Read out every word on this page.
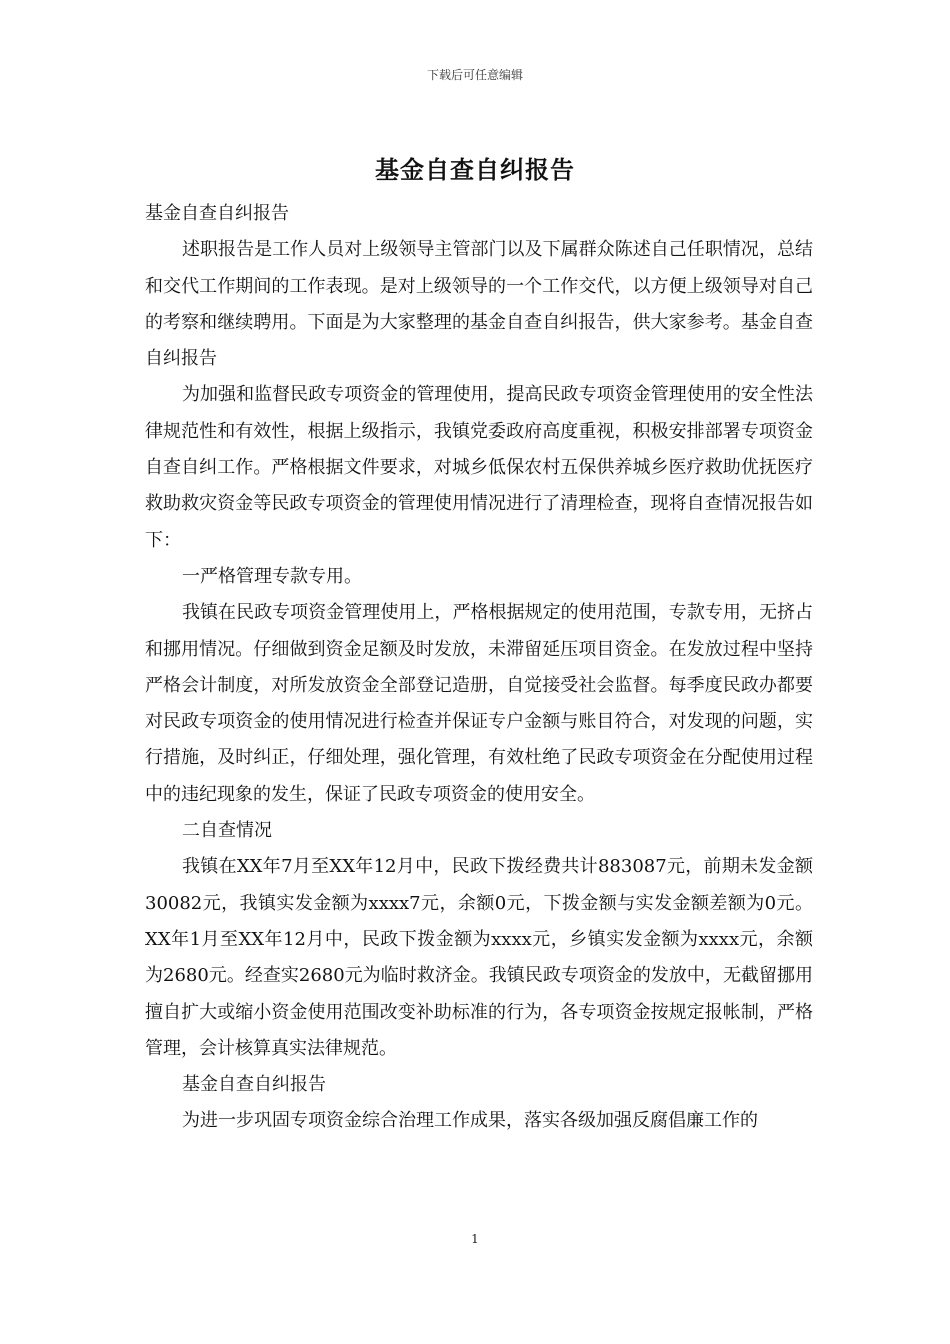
下载后可任意编辑
基金自查自纠报告

基金自查自纠报告

述职报告是工作人员对上级领导主管部门以及下属群众陈述自己任职情况，总结和交代工作期间的工作表现。是对上级领导的一个工作交代，以方便上级领导对自己的考察和继续聘用。下面是为大家整理的基金自查自纠报告，供大家参考。基金自查自纠报告

为加强和监督民政专项资金的管理使用，提高民政专项资金管理使用的安全性法律规范性和有效性，根据上级指示，我镇党委政府高度重视，积极安排部署专项资金自查自纠工作。严格根据文件要求，对城乡低保农村五保供养城乡医疗救助优抚医疗救助救灾资金等民政专项资金的管理使用情况进行了清理检查，现将自查情况报告如下：

一严格管理专款专用。

我镇在民政专项资金管理使用上，严格根据规定的使用范围，专款专用，无挤占和挪用情况。仔细做到资金足额及时发放，未滞留延压项目资金。在发放过程中坚持严格会计制度，对所发放资金全部登记造册，自觉接受社会监督。每季度民政办都要对民政专项资金的使用情况进行检查并保证专户金额与账目符合，对发现的问题，实行措施，及时纠正，仔细处理，强化管理，有效杜绝了民政专项资金在分配使用过程中的违纪现象的发生，保证了民政专项资金的使用安全。

二自查情况

我镇在XX年7月至XX年12月中，民政下拨经费共计883087元，前期未发金额30082元，我镇实发金额为xxxx7元，余额0元，下拨金额与实发金额差额为0元。XX年1月至XX年12月中，民政下拨金额为xxxx元，乡镇实发金额为xxxx元，余额为2680元。经查实2680元为临时救济金。我镇民政专项资金的发放中，无截留挪用擅自扩大或缩小资金使用范围改变补助标准的行为，各专项资金按规定报帐制，严格管理，会计核算真实法律规范。

基金自查自纠报告

为进一步巩固专项资金综合治理工作成果，落实各级加强反腐倡廉工作的

1
